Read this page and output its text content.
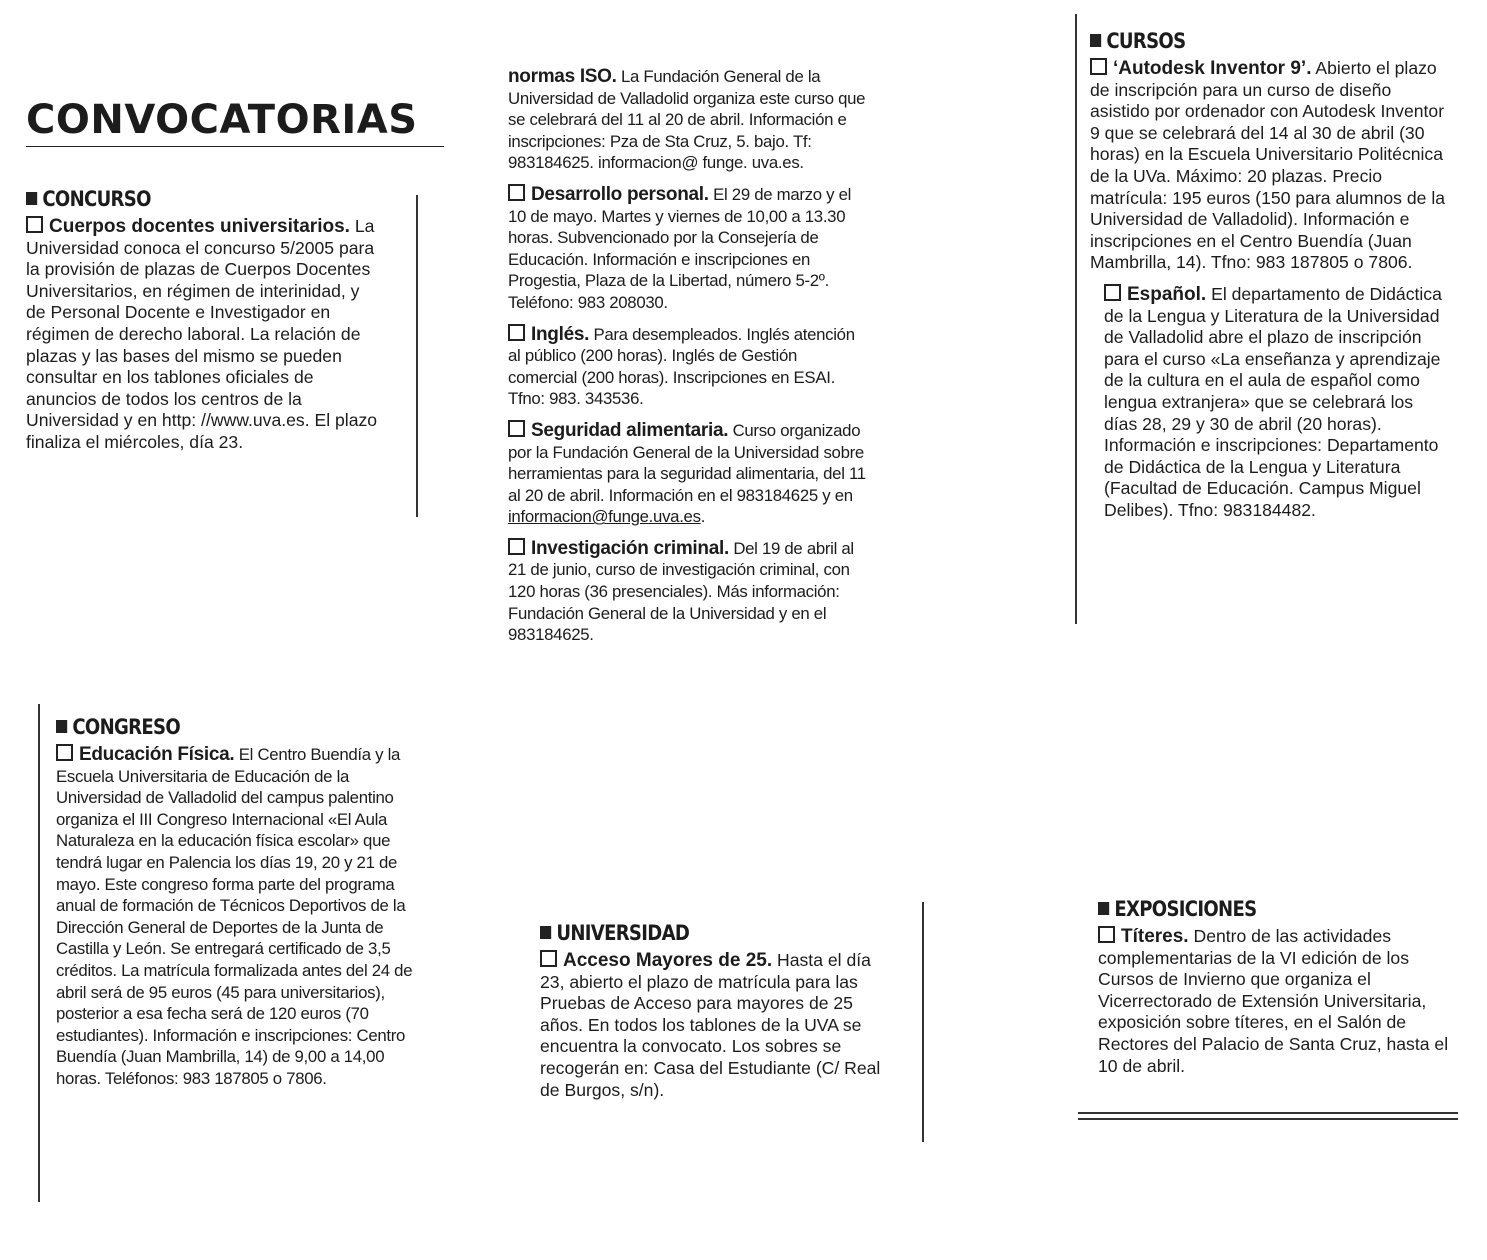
CONVOCATORIAS
CONCURSO

Cuerpos docentes universitarios. La Universidad conoca el concurso 5/2005 para la provisión de plazas de Cuerpos Docentes Universitarios, en régimen de interinidad, y de Personal Docente e Investigador en régimen de derecho laboral. La relación de plazas y las bases del mismo se pueden consultar en los tablones oficiales de anuncios de todos los centros de la Universidad y en http: //www.uva.es. El plazo finaliza el miércoles, día 23.

CONGRESO

Educación Física. El Centro Buendía y la Escuela Universitaria de Educación de la Universidad de Valladolid del campus palentino organiza el III Congreso Internacional «El Aula Naturaleza en la educación física escolar» que tendrá lugar en Palencia los días 19, 20 y 21 de mayo. Este congreso forma parte del programa anual de formación de Técnicos Deportivos de la Dirección General de Deportes de la Junta de Castilla y León. Se entregará certificado de 3,5 créditos. La matrícula formalizada antes del 24 de abril será de 95 euros (45 para universitarios), posterior a esa fecha será de 120 euros (70 estudiantes). Información e inscripciones: Centro Buendía (Juan Mambrilla, 14) de 9,00 a 14,00 horas. Teléfonos: 983 187805 o 7806.

normas ISO. La Fundación General de la Universidad de Valladolid organiza este curso que se celebrará del 11 al 20 de abril. Información e inscripciones: Pza de Sta Cruz, 5. bajo. Tf: 983184625. informacion@ funge. uva.es.

Desarrollo personal. El 29 de marzo y el 10 de mayo. Martes y viernes de 10,00 a 13.30 horas. Subvencionado por la Consejería de Educación. Información e inscripciones en Progestia, Plaza de la Libertad, número 5-2º. Teléfono: 983 208030.

Inglés. Para desempleados. Inglés atención al público (200 horas). Inglés de Gestión comercial (200 horas). Inscripciones en ESAI. Tfno: 983. 343536.

Seguridad alimentaria. Curso organizado por la Fundación General de la Universidad sobre herramientas para la seguridad alimentaria, del 11 al 20 de abril. Información en el 983184625 y en informacion@funge.uva.es.

Investigación criminal. Del 19 de abril al 21 de junio, curso de investigación criminal, con 120 horas (36 presenciales). Más información: Fundación General de la Universidad y en el 983184625.

UNIVERSIDAD

Acceso Mayores de 25. Hasta el día 23, abierto el plazo de matrícula para las Pruebas de Acceso para mayores de 25 años. En todos los tablones de la UVA se encuentra la convocato. Los sobres se recogerán en: Casa del Estudiante (C/ Real de Burgos, s/n).

CURSOS

‘Autodesk Inventor 9’. Abierto el plazo de inscripción para un curso de diseño asistido por ordenador con Autodesk Inventor 9 que se celebrará del 14 al 30 de abril (30 horas) en la Escuela Universitario Politécnica de la UVa. Máximo: 20 plazas. Precio matrícula: 195 euros (150 para alumnos de la Universidad de Valladolid). Información e inscripciones en el Centro Buendía (Juan Mambrilla, 14). Tfno: 983 187805 o 7806.

Español. El departamento de Didáctica de la Lengua y Literatura de la Universidad de Valladolid abre el plazo de inscripción para el curso «La enseñanza y aprendizaje de la cultura en el aula de español como lengua extranjera» que se celebrará los días 28, 29 y 30 de abril (20 horas). Información e inscripciones: Departamento de Didáctica de la Lengua y Literatura (Facultad de Educación. Campus Miguel Delibes). Tfno: 983184482.

EXPOSICIONES

Títeres. Dentro de las actividades complementarias de la VI edición de los Cursos de Invierno que organiza el Vicerrectorado de Extensión Universitaria, exposición sobre títeres, en el Salón de Rectores del Palacio de Santa Cruz, hasta el 10 de abril.
